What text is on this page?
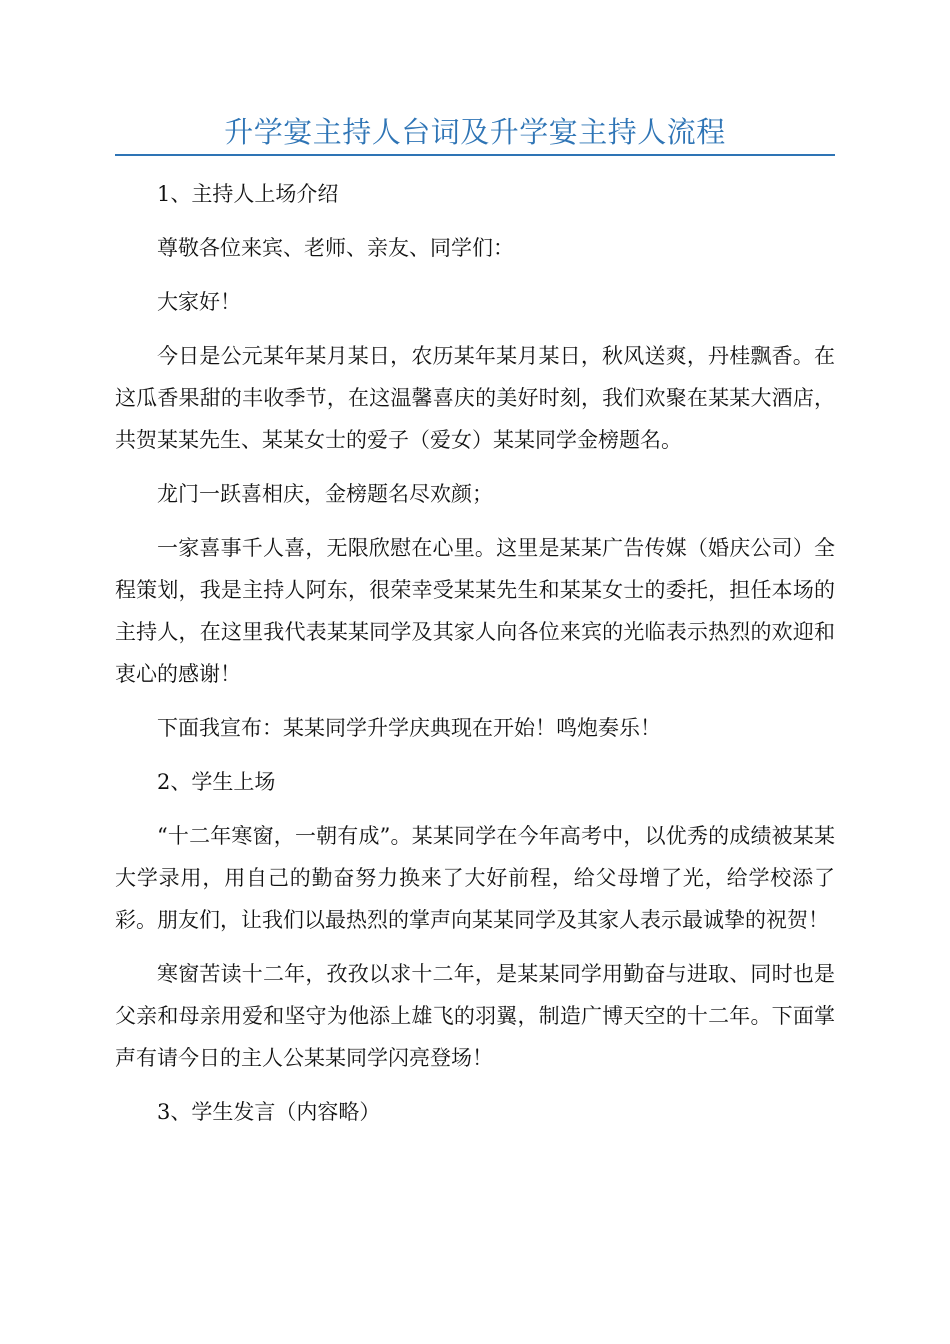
升学宴主持人台词及升学宴主持人流程

1、主持人上场介绍

尊敬各位来宾、老师、亲友、同学们：

大家好！

今日是公元某年某月某日，农历某年某月某日，秋风送爽，丹桂飘香。在这瓜香果甜的丰收季节，在这温馨喜庆的美好时刻，我们欢聚在某某大酒店，共贺某某先生、某某女士的爱子（爱女）某某同学金榜题名。

龙门一跃喜相庆，金榜题名尽欢颜；

一家喜事千人喜，无限欣慰在心里。这里是某某广告传媒（婚庆公司）全程策划，我是主持人阿东，很荣幸受某某先生和某某女士的委托，担任本场的主持人，在这里我代表某某同学及其家人向各位来宾的光临表示热烈的欢迎和衷心的感谢！

下面我宣布：某某同学升学庆典现在开始！鸣炮奏乐！

2、学生上场

“十二年寒窗，一朝有成”。某某同学在今年高考中，以优秀的成绩被某某大学录用，用自己的勤奋努力换来了大好前程，给父母增了光，给学校添了彩。朋友们，让我们以最热烈的掌声向某某同学及其家人表示最诚挚的祝贺！

寒窗苦读十二年，孜孜以求十二年，是某某同学用勤奋与进取、同时也是父亲和母亲用爱和坚守为他添上雄飞的羽翼，制造广博天空的十二年。下面掌声有请今日的主人公某某同学闪亮登场！

3、学生发言（内容略）
